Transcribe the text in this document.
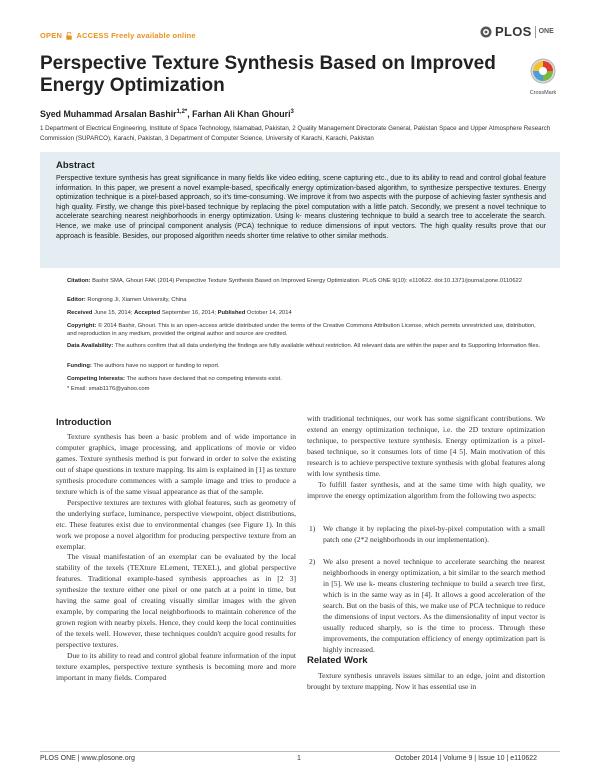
OPEN ACCESS Freely available online	PLOS ONE
Perspective Texture Synthesis Based on Improved Energy Optimization	CrossMark
Syed Muhammad Arsalan Bashir$^{1,2*}$, Farhan Ali Khan Ghouri$^3$
1 Department of Electrical Engineering, Institute of Space Technology, Islamabad, Pakistan, 2 Quality Management Directorate General, Pakistan Space and Upper Atmosphere Research Commission (SUPARCO), Karachi, Pakistan, 3 Department of Computer Science, University of Karachi, Karachi, Pakistan
Abstract
Perspective texture synthesis has great significance in many fields like video editing, scene capturing etc., due to its ability to read and control global feature information. In this paper, we present a novel example-based, specifically energy optimization-based algorithm, to synthesize perspective textures. Energy optimization technique is a pixel-based approach, so it's time-consuming. We improve it from two aspects with the purpose of achieving faster synthesis and high quality. Firstly, we change this pixel-based technique by replacing the pixel computation with a little patch. Secondly, we present a novel technique to accelerate searching nearest neighborhoods in energy optimization. Using k- means clustering technique to build a search tree to accelerate the search. Hence, we make use of principal component analysis (PCA) technique to reduce dimensions of input vectors. The high quality results prove that our approach is feasible. Besides, our proposed algorithm needs shorter time relative to other similar methods.
Citation: Bashir SMA, Ghouri FAK (2014) Perspective Texture Synthesis Based on Improved Energy Optimization. PLoS ONE 9(10): e110622. doi:10.1371/journal.pone.0110622
Editor: Rongrong Ji, Xiamen University, China
Received June 15, 2014; Accepted September 16, 2014; Published October 14, 2014
Copyright: © 2014 Bashir, Ghouri. This is an open-access article distributed under the terms of the Creative Commons Attribution License, which permits unrestricted use, distribution, and reproduction in any medium, provided the original author and source are credited.
Data Availability: The authors confirm that all data underlying the findings are fully available without restriction. All relevant data are within the paper and its Supporting Information files.
Funding: The authors have no support or funding to report.
Competing Interests: The authors have declared that no competing interests exist.
* Email: smab1176@yahoo.com
Introduction

Texture synthesis has been a basic problem and of wide importance in computer graphics, image processing, and applications of movie or video games. Texture synthesis method is put forward in order to solve the existing out of shape questions in texture mapping. Its aim is explained in [1] as texture synthesis procedure commences with a sample image and tries to produce a texture which is of the same visual appearance as that of the sample.

Perspective textures are textures with global features, such as geometry of the underlying surface, luminance, perspective viewpoint, object distributions, etc. These features exist due to environmental changes (see Figure 1). In this work we propose a novel algorithm for producing perspective texture from an exemplar.

The visual manifestation of an exemplar can be evaluated by the local stability of the texels (TEXture ELement, TEXEL), and global perspective features. Traditional example-based synthesis approaches as in [2 3] synthesize the texture either one pixel or one patch at a point in time, but having the same goal of creating visually similar images with the given example, by comparing the local neighborhoods to maintain coherence of the grown region with nearby pixels. Hence, they could keep the local continuities of the texels well. However, these techniques couldn't acquire good results for perspective textures.

Due to its ability to read and control global feature information of the input texture examples, perspective texture synthesis is becoming more and more important in many fields. Compared

with traditional techniques, our work has some significant contributions. We extend an energy optimization technique, i.e. the 2D texture optimization technique, to perspective texture synthesis. Energy optimization is a pixel- based technique, so it consumes lots of time [4 5]. Main motivation of this research is to achieve perspective texture synthesis with global features along with low synthesis time.

To fulfill faster synthesis, and at the same time with high quality, we improve the energy optimization algorithm from the following two aspects:

1) We change it by replacing the pixel-by-pixel computation with a small patch one (2*2 neighborhoods in our implementation).
2) We also present a novel technique to accelerate searching the nearest neighborhoods in energy optimization, a bit similar to the search method in [5]. We use k- means clustering technique to build a search tree first, which is in the same way as in [4]. It allows a good acceleration of the search. But on the basis of this, we make use of PCA technique to reduce the dimensions of input vectors. As the dimensionality of input vector is usually reduced sharply, so is the time to process. Through these improvements, the computation efficiency of energy optimization part is highly increased.
Related Work

Texture synthesis unravels issues similar to an edge, joint and distortion brought by texture mapping. Now it has essential use in

PLOS ONE | www.plosone.org	1	October 2014 | Volume 9 | Issue 10 | e110622
